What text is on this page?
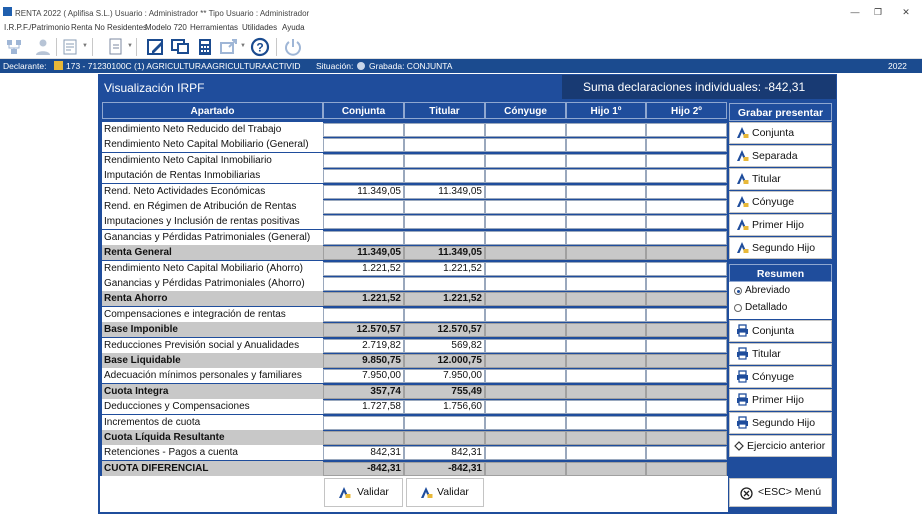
RENTA 2022 ( Aplifisa S.L.) Usuario : Administrador ** Tipo Usuario : Administrador	—	❐	✕
I.R.P.F./Patrimonio Renta No Residentes
Modelo 720 Herramientas Utilidades Ayuda
▼	▼	▼ ?
Declarante: 173 - 71230100C (1) AGRICULTURAAGRICULTURAACTIVID Situación: Grabada: CONJUNTA	2022
Visualización IRPF	Suma declaraciones individuales: -842,31
Apartado	Conjunta	Titular	Cónyuge	Hijo 1º	Hijo 2º
Rendimiento Neto Reducido del Trabajo
Rendimiento Neto Capital Mobiliario (General)
Rendimiento Neto Capital Inmobiliario
Imputación de Rentas Inmobiliarias
Rend. Neto Actividades Económicas	11.349,05	11.349,05
Rend. en Régimen de Atribución de Rentas
Imputaciones y Inclusión de rentas positivas
Ganancias y Pérdidas Patrimoniales (General)
Renta General	11.349,05	11.349,05
Rendimiento Neto Capital Mobiliario (Ahorro)	1.221,52	1.221,52
Ganancias y Pérdidas Patrimoniales (Ahorro)
Renta Ahorro	1.221,52	1.221,52
Compensaciones e integración de rentas
Base Imponible	12.570,57	12.570,57
Reducciones Previsión social y Anualidades	2.719,82	569,82
Base Liquidable	9.850,75	12.000,75
Adecuación mínimos personales y familiares	7.950,00	7.950,00
Cuota Integra	357,74	755,49
Deducciones y Compensaciones	1.727,58	1.756,60
Incrementos de cuota
Cuota Líquida Resultante
Retenciones - Pagos a cuenta	842,31	842,31
CUOTA DIFERENCIAL	-842,31	-842,31
Grabar presentar
Conjunta
Separada
Titular
Cónyuge
Primer Hijo
Segundo Hijo
Resumen
Abreviado
Detallado
Conjunta
Titular
Cónyuge
Primer Hijo
Segundo Hijo
Ejercicio anterior
Validar	Validar	<ESC> Menú
